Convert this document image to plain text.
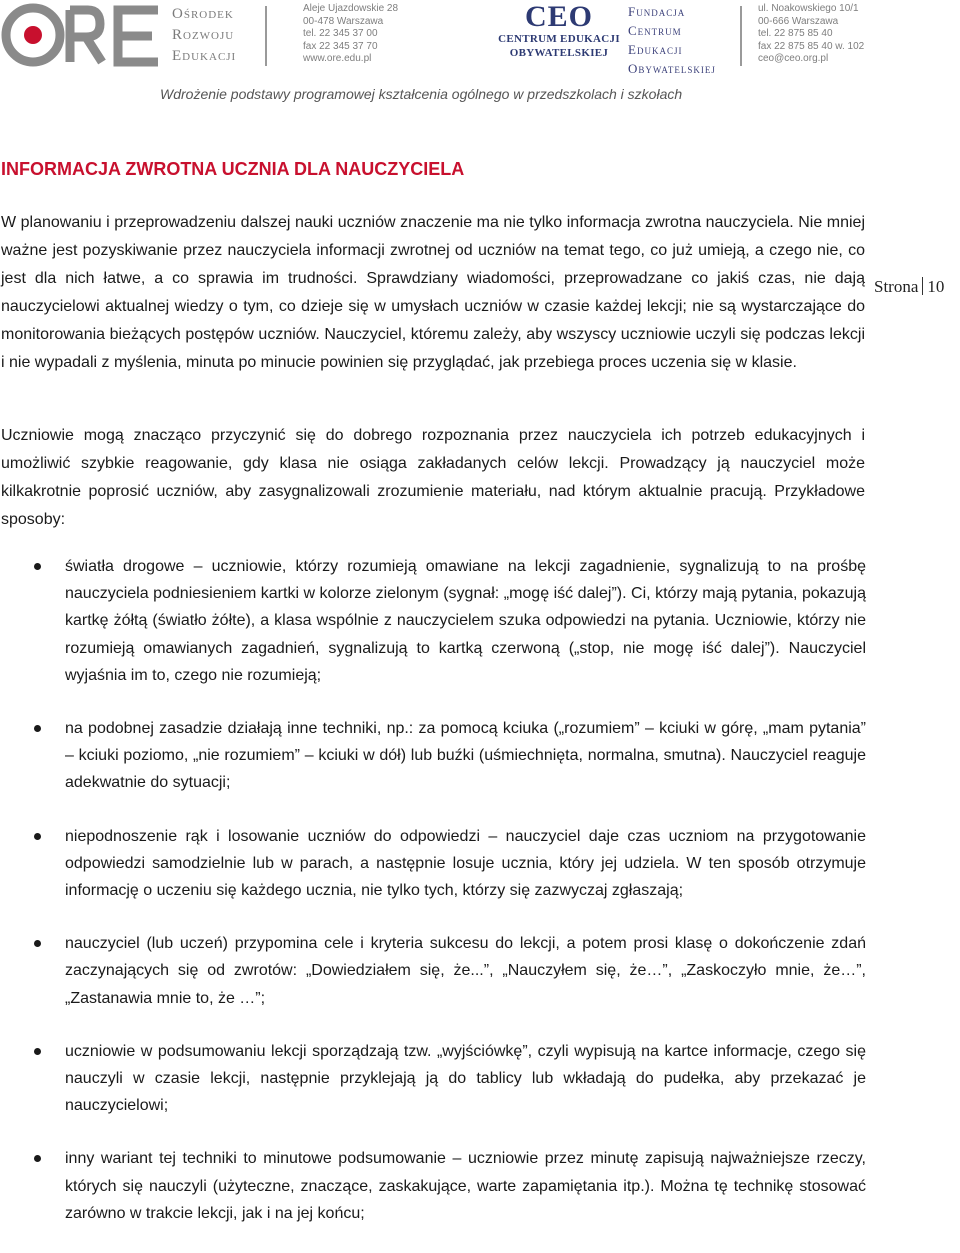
Ośrodek
Rozwoju
Edukacji
Aleje Ujazdowskie 28
00-478 Warszawa
tel. 22 345 37 00
fax 22 345 37 70
www.ore.edu.pl
CEO
CENTRUM EDUKACJI
OBYWATELSKIEJ
Fundacja
Centrum
Edukacji
Obywatelskiej
ul. Noakowskiego 10/1
00-666 Warszawa
tel. 22 875 85 40
fax 22 875 85 40 w. 102
ceo@ceo.org.pl
Wdrożenie podstawy programowej kształcenia ogólnego w przedszkolach i szkołach
INFORMACJA ZWROTNA UCZNIA DLA NAUCZYCIELA
Strona 10

W planowaniu i przeprowadzeniu dalszej nauki uczniów znaczenie ma nie tylko informacja zwrotna nauczyciela. Nie mniej ważne jest pozyskiwanie przez nauczyciela informacji zwrotnej od uczniów na temat tego, co już umieją, a czego nie, co jest dla nich łatwe, a co sprawia im trudności. Sprawdziany wiadomości, przeprowadzane co jakiś czas, nie dają nauczycielowi aktualnej wiedzy o tym, co dzieje się w umysłach uczniów w czasie każdej lekcji; nie są wystarczające do monitorowania bieżących postępów uczniów. Nauczyciel, któremu zależy, aby wszyscy uczniowie uczyli się podczas lekcji i nie wypadali z myślenia, minuta po minucie powinien się przyglądać, jak przebiega proces uczenia się w klasie.

Uczniowie mogą znacząco przyczynić się do dobrego rozpoznania przez nauczyciela ich potrzeb edukacyjnych i umożliwić szybkie reagowanie, gdy klasa nie osiąga zakładanych celów lekcji. Prowadzący ją nauczyciel może kilkakrotnie poprosić uczniów, aby zasygnalizowali zrozumienie materiału, nad którym aktualnie pracują. Przykładowe sposoby:

światła drogowe – uczniowie, którzy rozumieją omawiane na lekcji zagadnienie, sygnalizują to na prośbę nauczyciela podniesieniem kartki w kolorze zielonym (sygnał: „mogę iść dalej”). Ci, którzy mają pytania, pokazują kartkę żółtą (światło żółte), a klasa wspólnie z nauczycielem szuka odpowiedzi na pytania. Uczniowie, którzy nie rozumieją omawianych zagadnień, sygnalizują to kartką czerwoną („stop, nie mogę iść dalej”). Nauczyciel wyjaśnia im to, czego nie rozumieją;
na podobnej zasadzie działają inne techniki, np.: za pomocą kciuka („rozumiem” – kciuki w górę, „mam pytania” – kciuki poziomo, „nie rozumiem” – kciuki w dół) lub buźki (uśmiechnięta, normalna, smutna). Nauczyciel reaguje adekwatnie do sytuacji;
niepodnoszenie rąk i losowanie uczniów do odpowiedzi – nauczyciel daje czas uczniom na przygotowanie odpowiedzi samodzielnie lub w parach, a następnie losuje ucznia, który jej udziela. W ten sposób otrzymuje informację o uczeniu się każdego ucznia, nie tylko tych, którzy się zazwyczaj zgłaszają;
nauczyciel (lub uczeń) przypomina cele i kryteria sukcesu do lekcji, a potem prosi klasę o dokończenie zdań zaczynających się od zwrotów: „Dowiedziałem się, że...”, „Nauczyłem się, że…”, „Zaskoczyło mnie, że…”, „Zastanawia mnie to, że …”;
uczniowie w podsumowaniu lekcji sporządzają tzw. „wyjściówkę”, czyli wypisują na kartce informacje, czego się nauczyli w czasie lekcji, następnie przyklejają ją do tablicy lub wkładają do pudełka, aby przekazać je nauczycielowi;
inny wariant tej techniki to minutowe podsumowanie – uczniowie przez minutę zapisują najważniejsze rzeczy, których się nauczyli (użyteczne, znaczące, zaskakujące, warte zapamiętania itp.). Można tę technikę stosować zarówno w trakcie lekcji, jak i na jej końcu;
